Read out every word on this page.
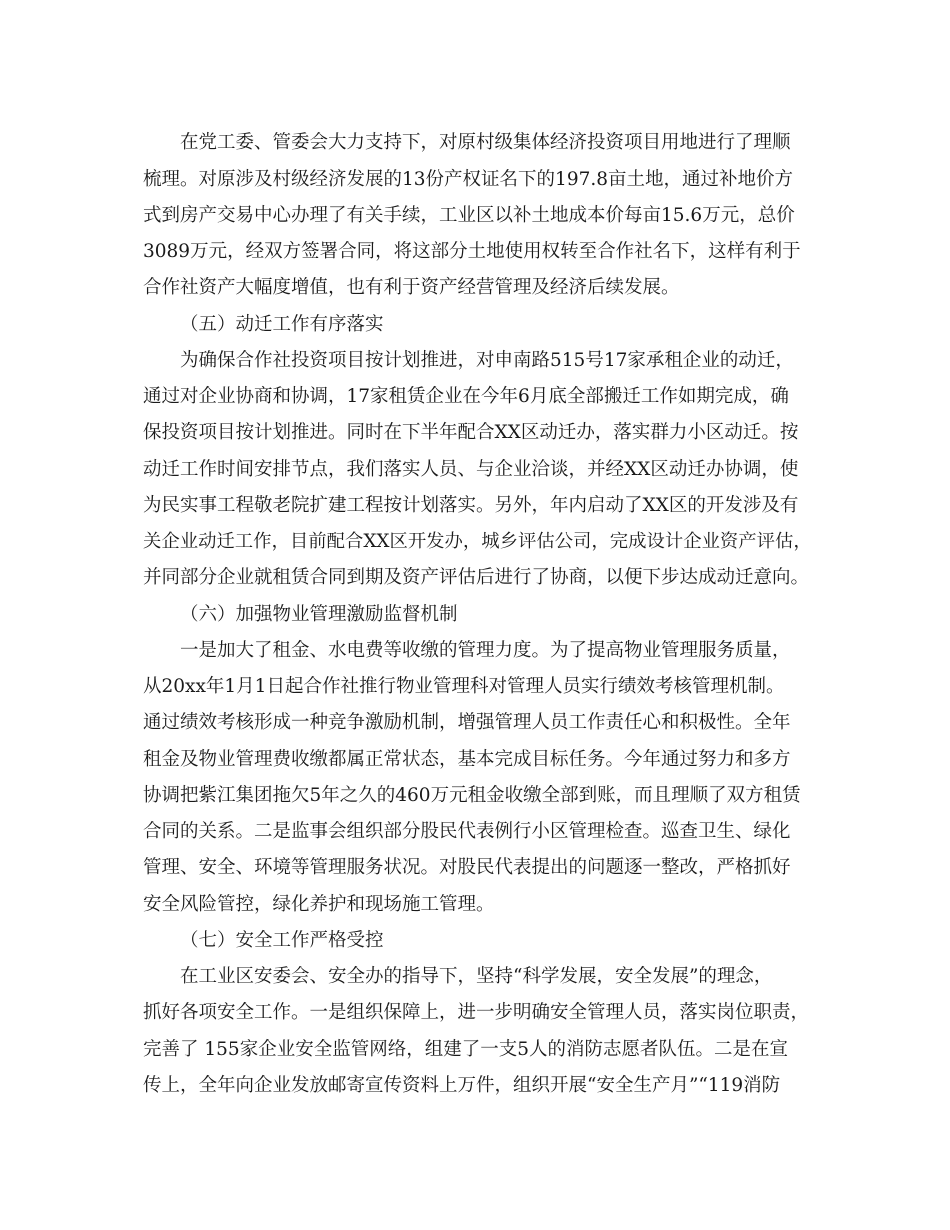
在党工委、管委会大力支持下，对原村级集体经济投资项目用地进行了理顺
梳理。对原涉及村级经济发展的13份产权证名下的197.8亩土地，通过补地价方
式到房产交易中心办理了有关手续，工业区以补土地成本价每亩15.6万元，总价
3089万元，经双方签署合同，将这部分土地使用权转至合作社名下，这样有利于
合作社资产大幅度增值，也有利于资产经营管理及经济后续发展。
（五）动迁工作有序落实
为确保合作社投资项目按计划推进，对申南路515号17家承租企业的动迁，
通过对企业协商和协调，17家租赁企业在今年6月底全部搬迁工作如期完成，确
保投资项目按计划推进。同时在下半年配合XX区动迁办，落实群力小区动迁。按
动迁工作时间安排节点，我们落实人员、与企业洽谈，并经XX区动迁办协调，使
为民实事工程敬老院扩建工程按计划落实。另外，年内启动了XX区的开发涉及有
关企业动迁工作，目前配合XX区开发办，城乡评估公司，完成设计企业资产评估，
并同部分企业就租赁合同到期及资产评估后进行了协商，以便下步达成动迁意向。
（六）加强物业管理激励监督机制
一是加大了租金、水电费等收缴的管理力度。为了提高物业管理服务质量，
从20xx年1月1日起合作社推行物业管理科对管理人员实行绩效考核管理机制。
通过绩效考核形成一种竞争激励机制，增强管理人员工作责任心和积极性。全年
租金及物业管理费收缴都属正常状态，基本完成目标任务。今年通过努力和多方
协调把紫江集团拖欠5年之久的460万元租金收缴全部到账，而且理顺了双方租赁
合同的关系。二是监事会组织部分股民代表例行小区管理检查。巡查卫生、绿化
管理、安全、环境等管理服务状况。对股民代表提出的问题逐一整改，严格抓好
安全风险管控，绿化养护和现场施工管理。
（七）安全工作严格受控
在工业区安委会、安全办的指导下，坚持“科学发展，安全发展”的理念，
抓好各项安全工作。一是组织保障上，进一步明确安全管理人员，落实岗位职责，
完善了 155家企业安全监管网络，组建了一支5人的消防志愿者队伍。二是在宣
传上，全年向企业发放邮寄宣传资料上万件，组织开展“安全生产月”“119消防
